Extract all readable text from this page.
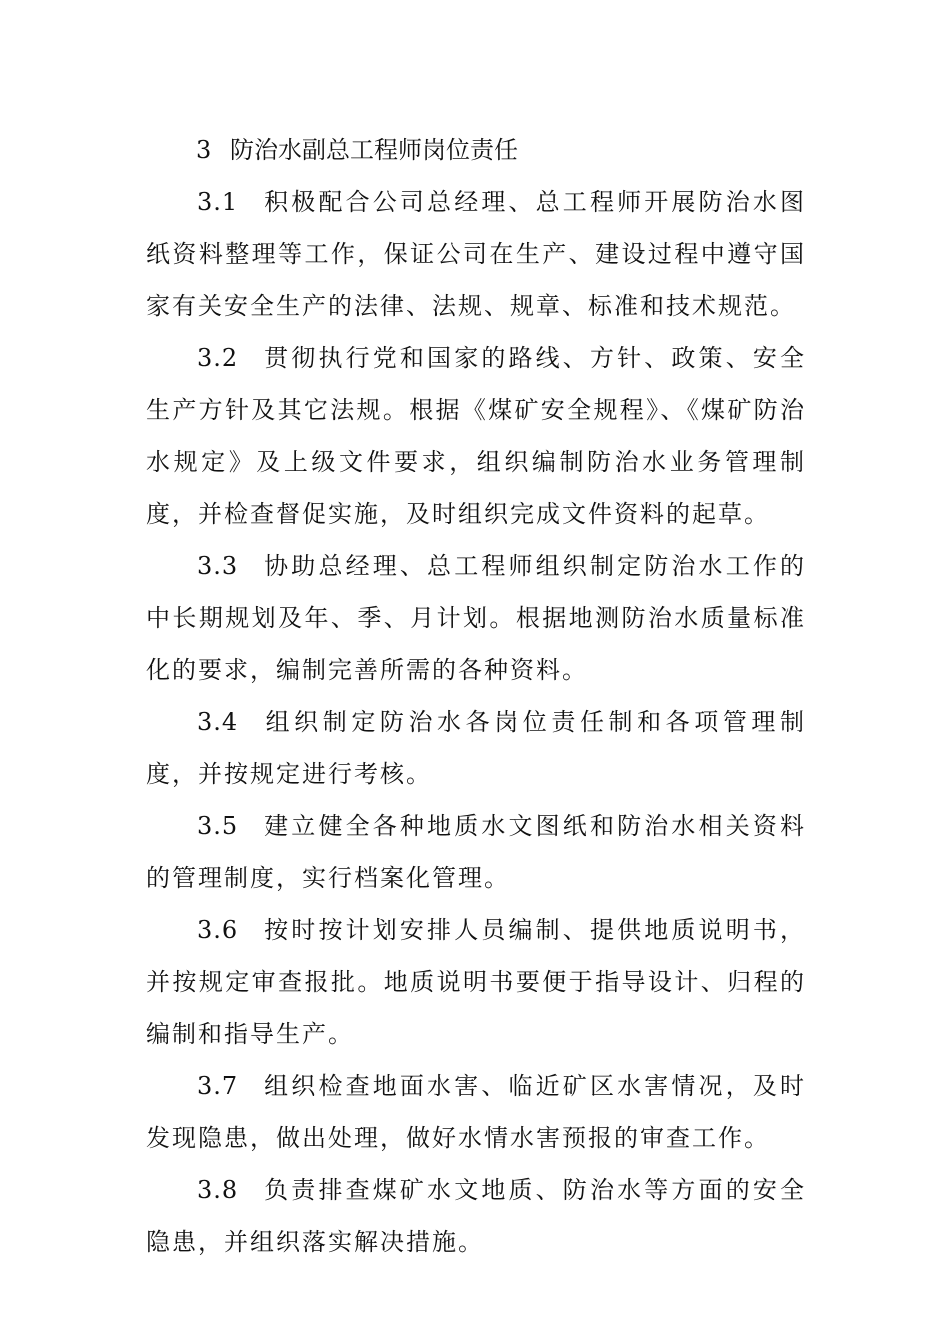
3 防治水副总工程师岗位责任

3.1 积极配合公司总经理、总工程师开展防治水图纸资料整理等工作，保证公司在生产、建设过程中遵守国家有关安全生产的法律、法规、规章、标准和技术规范。

3.2 贯彻执行党和国家的路线、方针、政策、安全生产方针及其它法规。根据《煤矿安全规程》、《煤矿防治水规定》及上级文件要求，组织编制防治水业务管理制度，并检查督促实施，及时组织完成文件资料的起草。

3.3 协助总经理、总工程师组织制定防治水工作的中长期规划及年、季、月计划。根据地测防治水质量标准化的要求，编制完善所需的各种资料。

3.4 组织制定防治水各岗位责任制和各项管理制度，并按规定进行考核。

3.5 建立健全各种地质水文图纸和防治水相关资料的管理制度，实行档案化管理。

3.6 按时按计划安排人员编制、提供地质说明书，并按规定审查报批。地质说明书要便于指导设计、归程的编制和指导生产。

3.7 组织检查地面水害、临近矿区水害情况，及时发现隐患，做出处理，做好水情水害预报的审查工作。

3.8 负责排查煤矿水文地质、防治水等方面的安全隐患，并组织落实解决措施。
